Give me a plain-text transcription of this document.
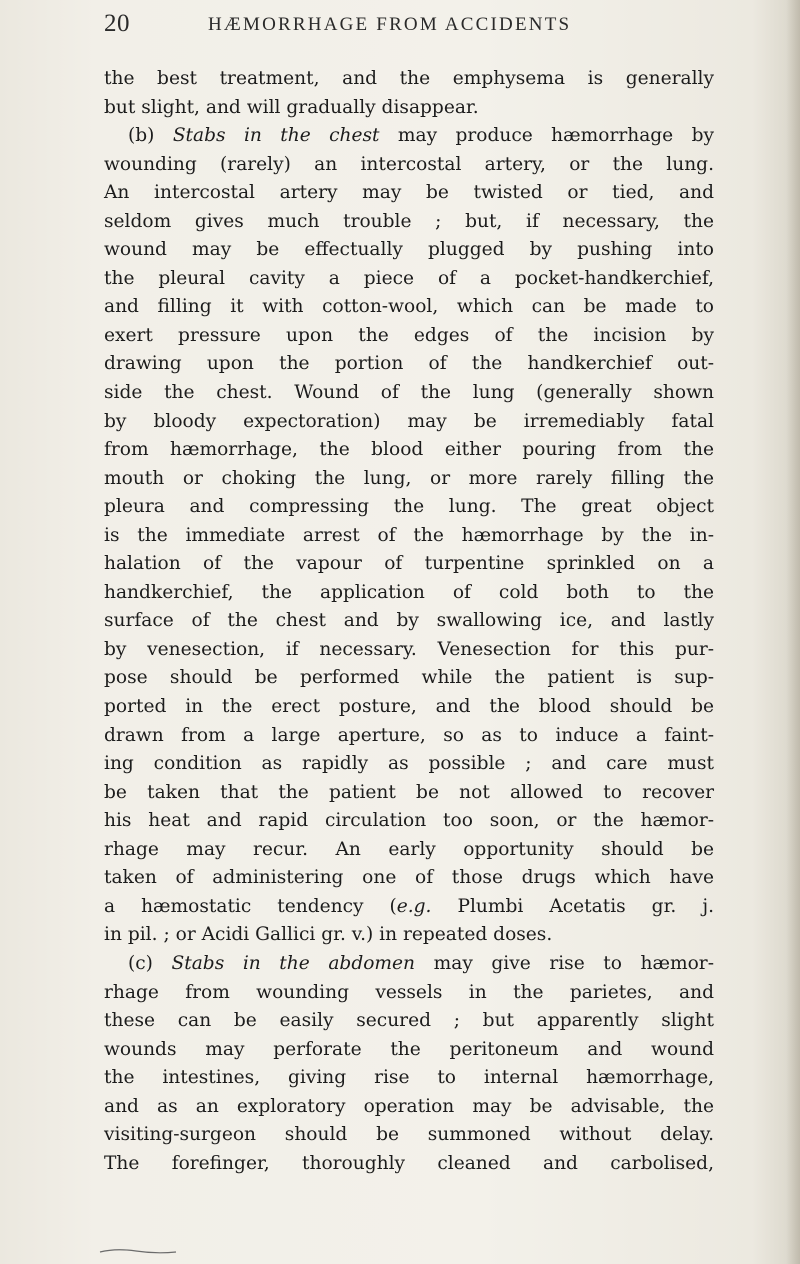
20	HÆMORRHAGE FROM ACCIDENTS
the best treatment, and the emphysema is generally
but slight, and will gradually disappear.
(b) Stabs in the chest may produce hæmorrhage by
wounding (rarely) an intercostal artery, or the lung.
An intercostal artery may be twisted or tied, and
seldom gives much trouble ; but, if necessary, the
wound may be effectually plugged by pushing into
the pleural cavity a piece of a pocket-handkerchief,
and filling it with cotton-wool, which can be made to
exert pressure upon the edges of the incision by
drawing upon the portion of the handkerchief out-
side the chest. Wound of the lung (generally shown
by bloody expectoration) may be irremediably fatal
from hæmorrhage, the blood either pouring from the
mouth or choking the lung, or more rarely filling the
pleura and compressing the lung. The great object
is the immediate arrest of the hæmorrhage by the in-
halation of the vapour of turpentine sprinkled on a
handkerchief, the application of cold both to the
surface of the chest and by swallowing ice, and lastly
by venesection, if necessary. Venesection for this pur-
pose should be performed while the patient is sup-
ported in the erect posture, and the blood should be
drawn from a large aperture, so as to induce a faint-
ing condition as rapidly as possible ; and care must
be taken that the patient be not allowed to recover
his heat and rapid circulation too soon, or the hæmor-
rhage may recur. An early opportunity should be
taken of administering one of those drugs which have
a hæmostatic tendency (e.g. Plumbi Acetatis gr. j.
in pil. ; or Acidi Gallici gr. v.) in repeated doses.
(c) Stabs in the abdomen may give rise to hæmor-
rhage from wounding vessels in the parietes, and
these can be easily secured ; but apparently slight
wounds may perforate the peritoneum and wound
the intestines, giving rise to internal hæmorrhage,
and as an exploratory operation may be advisable, the
visiting-surgeon should be summoned without delay.
The forefinger, thoroughly cleaned and carbolised,
